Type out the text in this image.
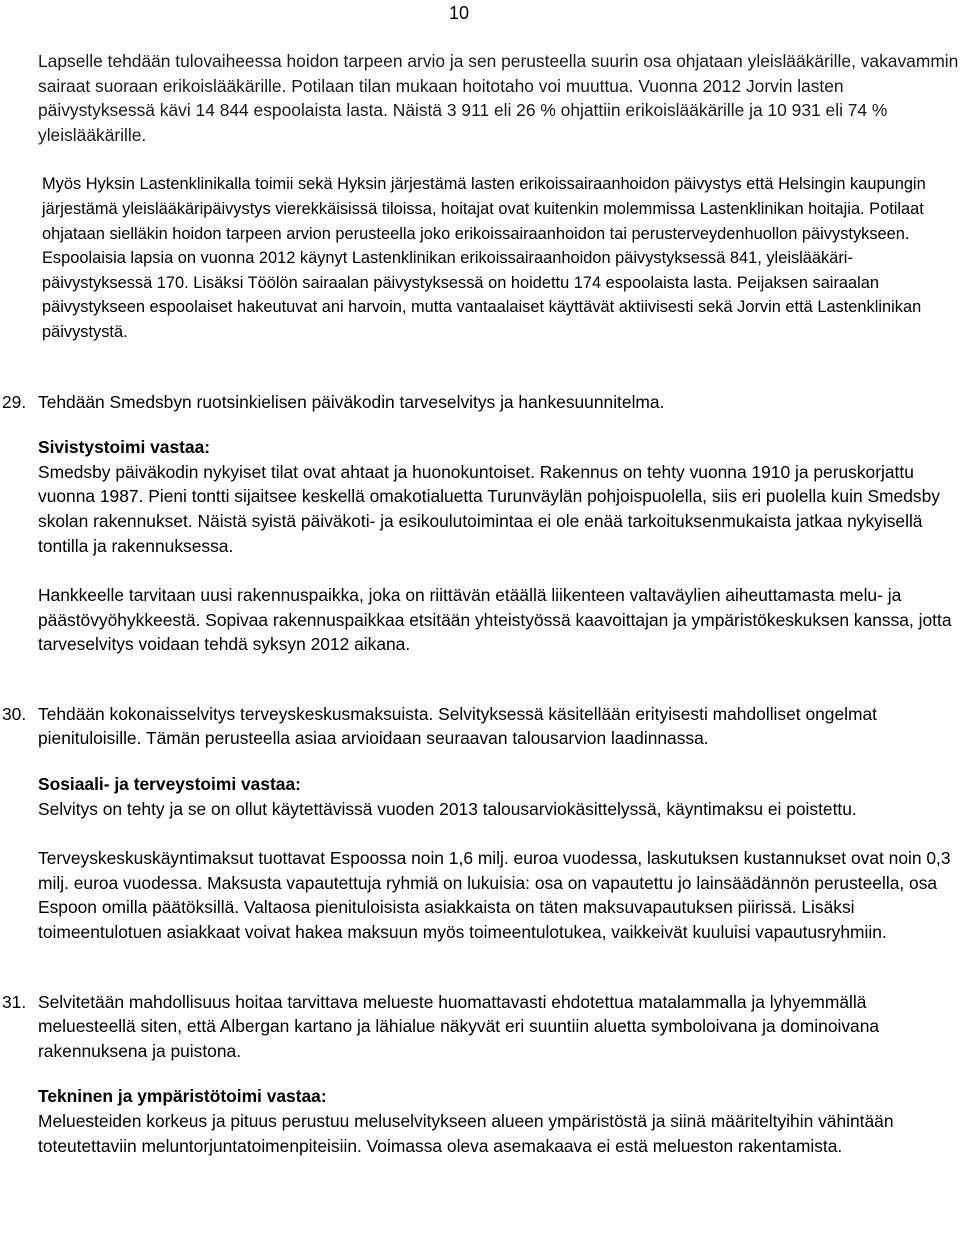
10

Lapselle tehdään tulovaiheessa hoidon tarpeen arvio ja sen perusteella suurin osa ohjataan yleislääkärille, vakavammin sairaat suoraan erikoislääkärille. Potilaan tilan mukaan hoitotaho voi muuttua. Vuonna 2012 Jorvin lasten päivystyksessä kävi 14 844 espoolaista lasta. Näistä 3 911 eli 26 % ohjattiin erikoislääkärille ja 10 931 eli 74 % yleislääkärille.

Myös Hyksin Lastenklinikalla toimii sekä Hyksin järjestämä lasten erikoissairaanhoidon päivystys että Helsingin kaupungin järjestämä yleislääkäripäivystys vierekkäisissä tiloissa, hoitajat ovat kuitenkin molemmissa Lastenklinikan hoitajia. Potilaat ohjataan sielläkin hoidon tarpeen arvion perusteella joko erikoissairaanhoidon tai perusterveydenhuollon päivystykseen. Espoolaisia lapsia on vuonna 2012 käynyt Lastenklinikan erikoissairaanhoidon päivystyksessä 841, yleislääkäri-päivystyksessä 170. Lisäksi Töölön sairaalan päivystyksessä on hoidettu 174 espoolaista lasta. Peijaksen sairaalan päivystykseen espoolaiset hakeutuvat ani harvoin, mutta vantaalaiset käyttävät aktiivisesti sekä Jorvin että Lastenklinikan päivystystä.

29. Tehdään Smedsbyn ruotsinkielisen päiväkodin tarveselvitys ja hankesuunnitelma.

Sivistystoimi vastaa:

Smedsby päiväkodin nykyiset tilat ovat ahtaat ja huonokuntoiset. Rakennus on tehty vuonna 1910 ja peruskorjattu vuonna 1987. Pieni tontti sijaitsee keskellä omakotialuetta Turunväylän pohjoispuolella, siis eri puolella kuin Smedsby skolan rakennukset. Näistä syistä päiväkoti- ja esikoulutoimintaa ei ole enää tarkoituksenmukaista jatkaa nykyisellä tontilla ja rakennuksessa.

Hankkeelle tarvitaan uusi rakennuspaikka, joka on riittävän etäällä liikenteen valtaväylien aiheuttamasta melu- ja päästövyöhykkeestä. Sopivaa rakennuspaikkaa etsitään yhteistyössä kaavoittajan ja ympäristökeskuksen kanssa, jotta tarveselvitys voidaan tehdä syksyn 2012 aikana.

30. Tehdään kokonaisselvitys terveyskeskusmaksuista. Selvityksessä käsitellään erityisesti mahdolliset ongelmat pienituloisille. Tämän perusteella asiaa arvioidaan seuraavan talousarvion laadinnassa.

Sosiaali- ja terveystoimi vastaa:

Selvitys on tehty ja se on ollut käytettävissä vuoden 2013 talousarviokäsittelyssä, käyntimaksu ei poistettu.

Terveyskeskuskäyntimaksut tuottavat Espoossa noin 1,6 milj. euroa vuodessa, laskutuksen kustannukset ovat noin 0,3 milj. euroa vuodessa. Maksusta vapautettuja ryhmiä on lukuisia: osa on vapautettu jo lainsäädännön perusteella, osa Espoon omilla päätöksillä. Valtaosa pienituloisista asiakkaista on täten maksuvapautuksen piirissä. Lisäksi toimeentulotuen asiakkaat voivat hakea maksuun myös toimeentulotukea, vaikkeivät kuuluisi vapautusryhmiin.

31. Selvitetään mahdollisuus hoitaa tarvittava melueste huomattavasti ehdotettua matalammalla ja lyhyemmällä meluesteellä siten, että Albergan kartano ja lähialue näkyvät eri suuntiin aluetta symboloivana ja dominoivana rakennuksena ja puistona.

Tekninen ja ympäristötoimi vastaa:

Meluesteiden korkeus ja pituus perustuu meluselvitykseen alueen ympäristöstä ja siinä määriteltyihin vähintään toteutettaviin meluntorjuntatoimenpiteisiin. Voimassa oleva asemakaava ei estä melueston rakentamista.
